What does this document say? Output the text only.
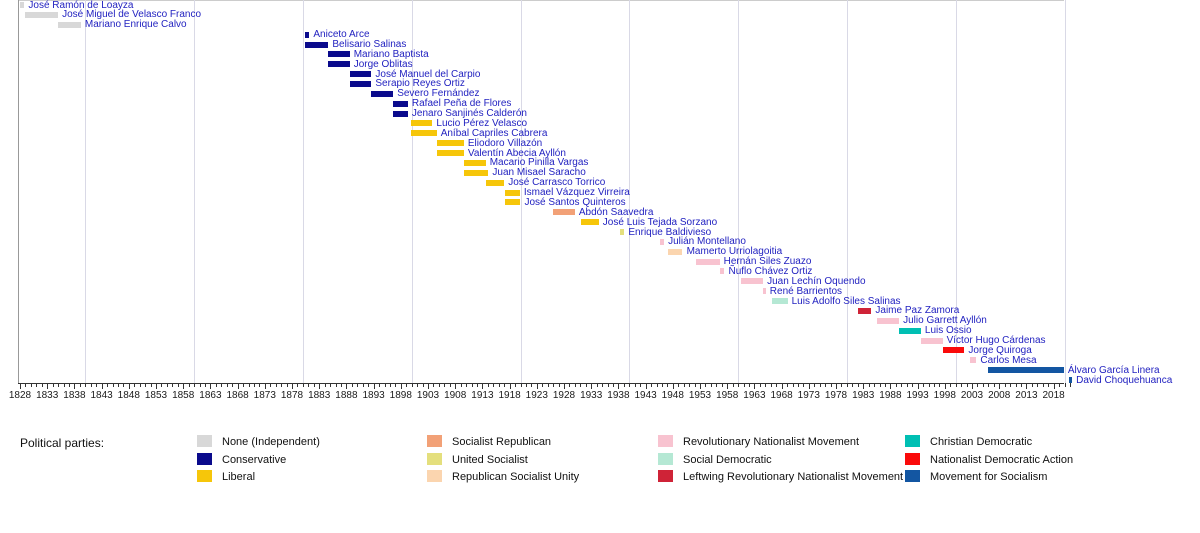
1828 1833 1838 1843 1848 1853 1858 1863 1868 1873 1878 1883 1888 1893 1898 1903 1908 1913 1918 1923 1928 1933 1938 1943 1948 1953 1958 1963 1968 1973 1978 1983 1988 1993 1998 2003 2008 2013 2018
José Ramón de Loayza
José Miguel de Velasco Franco
Mariano Enrique Calvo
Aniceto Arce
Belisario Salinas
Mariano Baptista
Jorge Oblitas
José Manuel del Carpio
Serapio Reyes Ortiz
Severo Fernández
Rafael Peña de Flores
Jenaro Sanjinés Calderón
Lucio Pérez Velasco
Aníbal Capriles Cabrera
Eliodoro Villazón
Valentín Abecia Ayllón
Macario Pinilla Vargas
Juan Misael Saracho
José Carrasco Torrico
Ismael Vázquez Virreira
José Santos Quinteros
Abdón Saavedra
José Luis Tejada Sorzano
Enrique Baldivieso
Julián Montellano
Mamerto Urriolagoitia
Hernán Siles Zuazo
Ñuflo Chávez Ortiz
Juan Lechín Oquendo
René Barrientos
Luis Adolfo Siles Salinas
Jaime Paz Zamora
Julio Garrett Ayllón
Luis Ossio
Víctor Hugo Cárdenas
Jorge Quiroga
Carlos Mesa
Álvaro García Linera
David Choquehuanca
Political parties:	None (Independent)
Conservative
Liberal
Socialist Republican
United Socialist
Republican Socialist Unity
Revolutionary Nationalist Movement
Social Democratic
Leftwing Revolutionary Nationalist Movement
Christian Democratic
Nationalist Democratic Action
Movement for Socialism
